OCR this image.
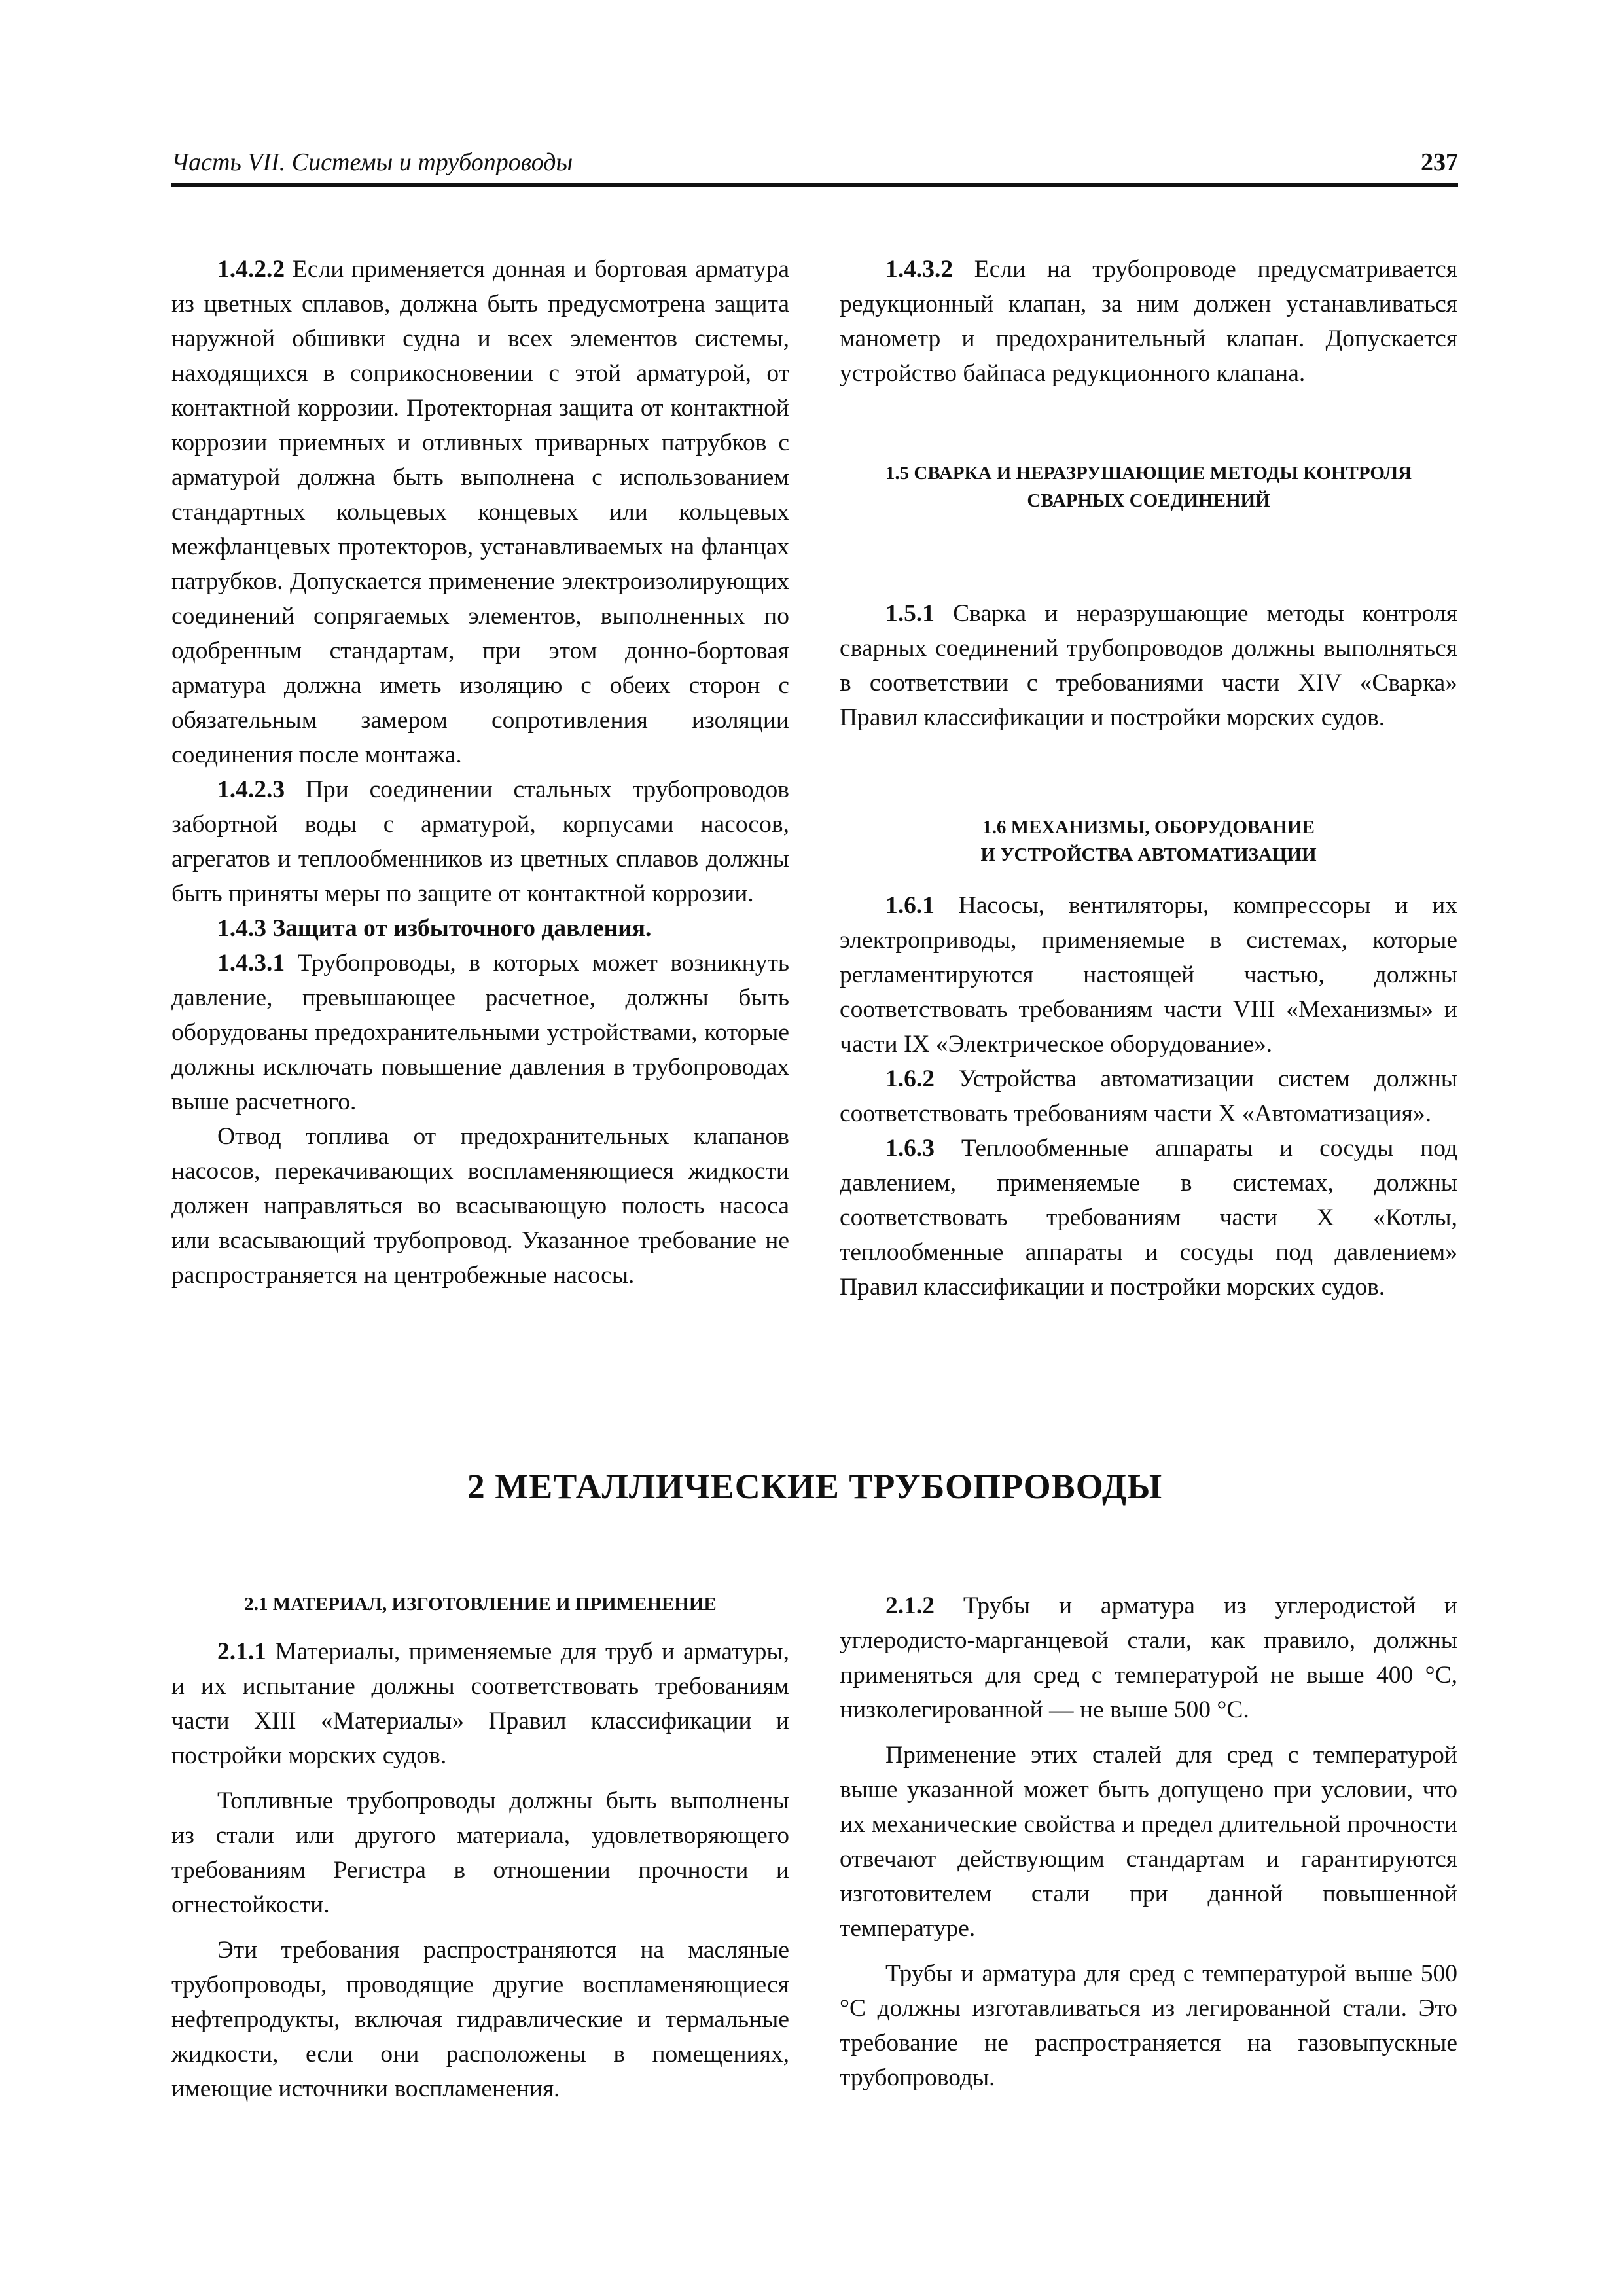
Часть VII. Системы и трубопроводы	237

1.4.2.2 Если применяется донная и бортовая арматура из цветных сплавов, должна быть предусмотрена защита наружной обшивки судна и всех элементов системы, находящихся в соприкосновении с этой арматурой, от контактной коррозии. Протекторная защита от контактной коррозии приемных и отливных приварных патрубков с арматурой должна быть выполнена с использованием стандартных кольцевых концевых или кольцевых межфланцевых протекторов, устанавливаемых на фланцах патрубков. Допускается применение электроизолирующих соединений сопрягаемых элементов, выполненных по одобренным стандартам, при этом донно-бортовая арматура должна иметь изоляцию с обеих сторон с обязательным замером сопротивления изоляции соединения после монтажа.

1.4.2.3 При соединении стальных трубопроводов забортной воды с арматурой, корпусами насосов, агрегатов и теплообменников из цветных сплавов должны быть приняты меры по защите от контактной коррозии.

1.4.3 Защита от избыточного давления.

1.4.3.1 Трубопроводы, в которых может возникнуть давление, превышающее расчетное, должны быть оборудованы предохранительными устройствами, которые должны исключать повышение давления в трубопроводах выше расчетного.

Отвод топлива от предохранительных клапанов насосов, перекачивающих воспламеняющиеся жидкости должен направляться во всасывающую полость насоса или всасывающий трубопровод. Указанное требование не распространяется на центробежные насосы.

1.4.3.2 Если на трубопроводе предусматривается редукционный клапан, за ним должен устанавливаться манометр и предохранительный клапан. Допускается устройство байпаса редукционного клапана.

1.5 СВАРКА И НЕРАЗРУШАЮЩИЕ МЕТОДЫ КОНТРОЛЯ
СВАРНЫХ СОЕДИНЕНИЙ

1.5.1 Сварка и неразрушающие методы контроля сварных соединений трубопроводов должны выполняться в соответствии с требованиями части XIV «Сварка» Правил классификации и постройки морских судов.

1.6 МЕХАНИЗМЫ, ОБОРУДОВАНИЕ
И УСТРОЙСТВА АВТОМАТИЗАЦИИ

1.6.1 Насосы, вентиляторы, компрессоры и их электроприводы, применяемые в системах, которые регламентируются настоящей частью, должны соответствовать требованиям части VIII «Механизмы» и части IX «Электрическое оборудование».

1.6.2 Устройства автоматизации систем должны соответствовать требованиям части X «Автоматизация».

1.6.3 Теплообменные аппараты и сосуды под давлением, применяемые в системах, должны соответствовать требованиям части X «Котлы, теплообменные аппараты и сосуды под давлением» Правил классификации и постройки морских судов.

2 МЕТАЛЛИЧЕСКИЕ ТРУБОПРОВОДЫ
2.1 МАТЕРИАЛ, ИЗГОТОВЛЕНИЕ И ПРИМЕНЕНИЕ

2.1.1 Материалы, применяемые для труб и арматуры, и их испытание должны соответствовать требованиям части XIII «Материалы» Правил классификации и постройки морских судов.

Топливные трубопроводы должны быть выполнены из стали или другого материала, удовлетворяющего требованиям Регистра в отношении прочности и огнестойкости.

Эти требования распространяются на масляные трубопроводы, проводящие другие воспламеняющиеся нефтепродукты, включая гидравлические и термальные жидкости, если они расположены в помещениях, имеющие источники воспламенения.

2.1.2 Трубы и арматура из углеродистой и углеродисто-марганцевой стали, как правило, должны применяться для сред с температурой не выше 400 °С, низколегированной — не выше 500 °С.

Применение этих сталей для сред с температурой выше указанной может быть допущено при условии, что их механические свойства и предел длительной прочности отвечают действующим стандартам и гарантируются изготовителем стали при данной повышенной температуре.

Трубы и арматура для сред с температурой выше 500 °С должны изготавливаться из легированной стали. Это требование не распространяется на газовыпускные трубопроводы.
